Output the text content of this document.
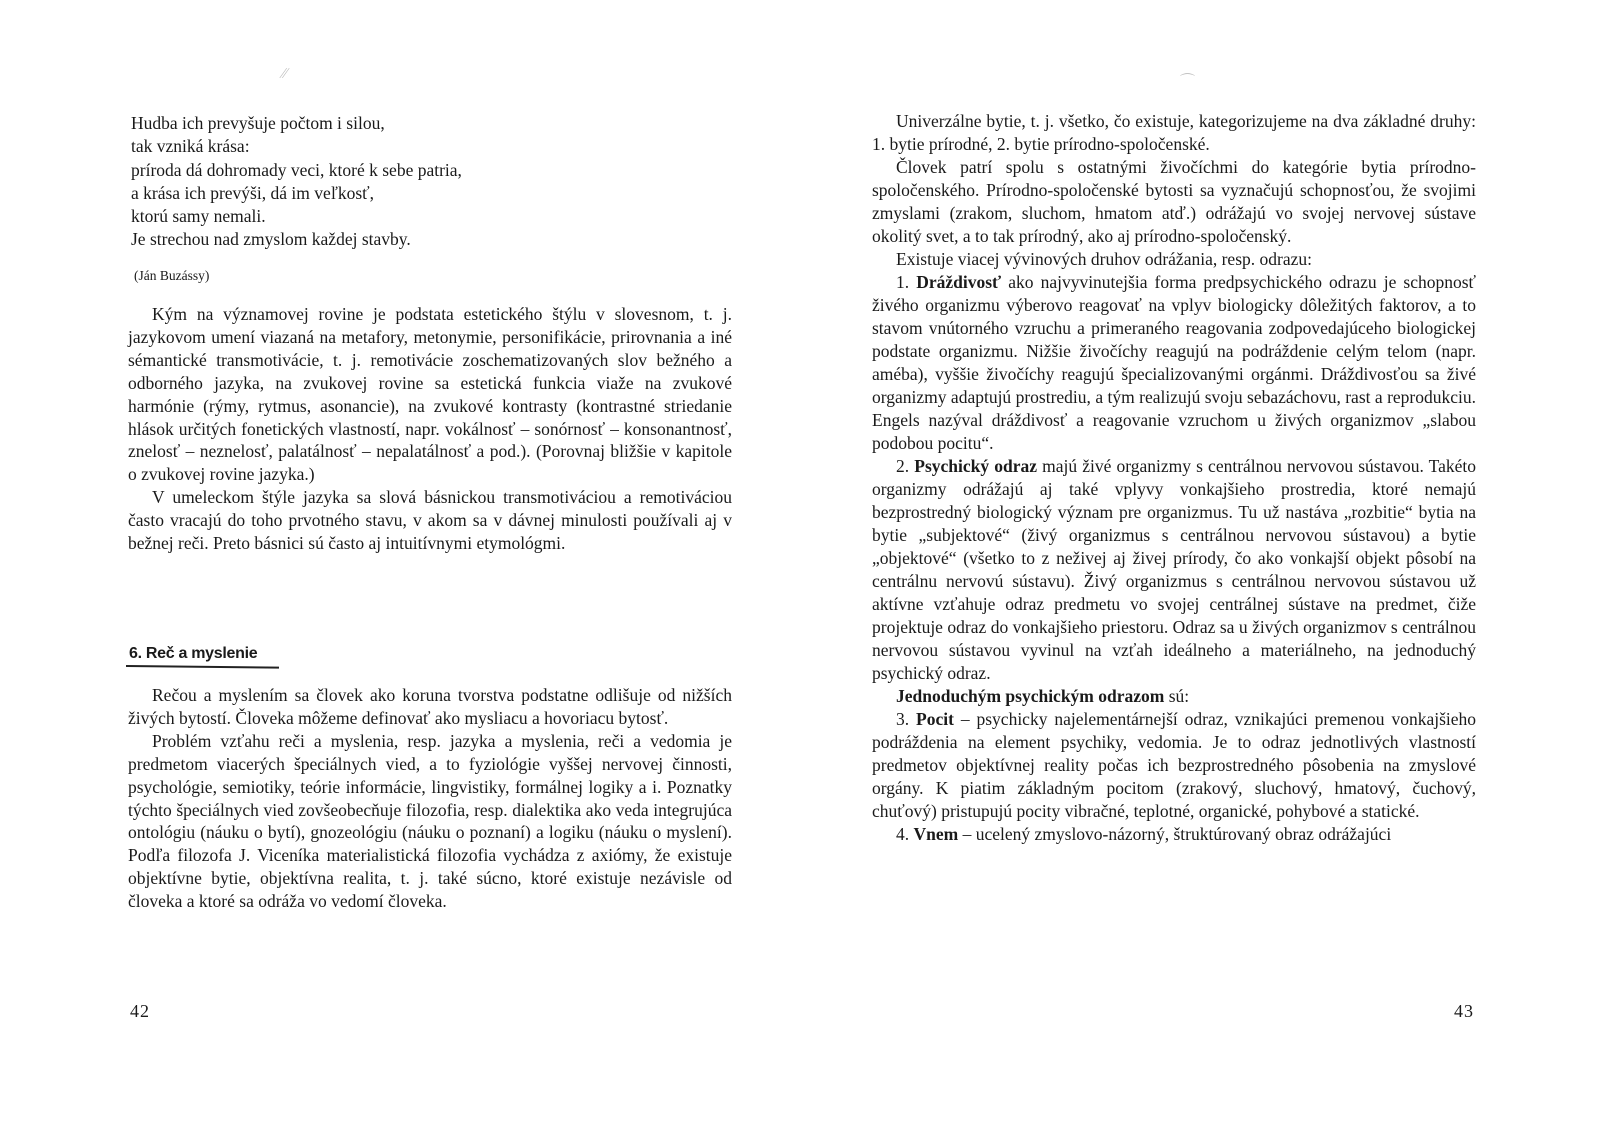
∕∕
Hudba ich prevyšuje počtom i silou,
tak vzniká krása:
príroda dá dohromady veci, ktoré k sebe patria,
a krása ich prevýši, dá im veľkosť,
ktorú samy nemali.
Je strechou nad zmyslom každej stavby.
(Ján Buzássy)

Kým na významovej rovine je podstata estetického štýlu v slovesnom, t. j. jazykovom umení viazaná na metafory, metonymie, personifikácie, prirovnania a iné sémantické transmotivácie, t. j. remotivácie zoschematizovaných slov bežného a odborného jazyka, na zvukovej rovine sa estetická funkcia viaže na zvukové harmónie (rýmy, rytmus, asonancie), na zvukové kontrasty (kontrastné striedanie hlások určitých fonetických vlastností, napr. vokálnosť – sonórnosť – konsonantnosť, znelosť – neznelosť, palatálnosť – nepalatálnosť a pod.). (Porovnaj bližšie v kapitole o zvukovej rovine jazyka.)

V umeleckom štýle jazyka sa slová básnickou transmotiváciou a remotiváciou často vracajú do toho prvotného stavu, v akom sa v dávnej minulosti používali aj v bežnej reči. Preto básnici sú často aj intuitívnymi etymológmi.

6. Reč a myslenie

Rečou a myslením sa človek ako koruna tvorstva podstatne odlišuje od nižších živých bytostí. Človeka môžeme definovať ako mysliacu a hovoriacu bytosť.

Problém vzťahu reči a myslenia, resp. jazyka a myslenia, reči a vedomia je predmetom viacerých špeciálnych vied, a to fyziológie vyššej nervovej činnosti, psychológie, semiotiky, teórie informácie, lingvistiky, formálnej logiky a i. Poznatky týchto špeciálnych vied zovšeobecňuje filozofia, resp. dialektika ako veda integrujúca ontológiu (náuku o bytí), gnozeológiu (náuku o poznaní) a logiku (náuku o myslení). Podľa filozofa J. Viceníka materialistická filozofia vychádza z axiómy, že existuje objektívne bytie, objektívna realita, t. j. také súcno, ktoré existuje nezávisle od človeka a ktoré sa odráža vo vedomí človeka.

42
⌒

Univerzálne bytie, t. j. všetko, čo existuje, kategorizujeme na dva základné druhy: 1. bytie prírodné, 2. bytie prírodno-spoločenské.

Človek patrí spolu s ostatnými živočíchmi do kategórie bytia prírodno-spoločenského. Prírodno-spoločenské bytosti sa vyznačujú schopnosťou, že svojimi zmyslami (zrakom, sluchom, hmatom atď.) odrážajú vo svojej nervovej sústave okolitý svet, a to tak prírodný, ako aj prírodno-spoločenský.

Existuje viacej vývinových druhov odrážania, resp. odrazu:

1. Dráždivosť ako najvyvinutejšia forma predpsychického odrazu je schopnosť živého organizmu výberovo reagovať na vplyv biologicky dôležitých faktorov, a to stavom vnútorného vzruchu a primeraného reagovania zodpovedajúceho biologickej podstate organizmu. Nižšie živočíchy reagujú na podráždenie celým telom (napr. améba), vyššie živočíchy reagujú špecializovanými orgánmi. Dráždivosťou sa živé organizmy adaptujú prostrediu, a tým realizujú svoju sebazáchovu, rast a reprodukciu. Engels nazýval dráždivosť a reagovanie vzruchom u živých organizmov „slabou podobou pocitu“.

2. Psychický odraz majú živé organizmy s centrálnou nervovou sústavou. Takéto organizmy odrážajú aj také vplyvy vonkajšieho prostredia, ktoré nemajú bezprostredný biologický význam pre organizmus. Tu už nastáva „rozbitie“ bytia na bytie „subjektové“ (živý organizmus s centrálnou nervovou sústavou) a bytie „objektové“ (všetko to z neživej aj živej prírody, čo ako vonkajší objekt pôsobí na centrálnu nervovú sústavu). Živý organizmus s centrálnou nervovou sústavou už aktívne vzťahuje odraz predmetu vo svojej centrálnej sústave na predmet, čiže projektuje odraz do vonkajšieho priestoru. Odraz sa u živých organizmov s centrálnou nervovou sústavou vyvinul na vzťah ideálneho a materiálneho, na jednoduchý psychický odraz.

Jednoduchým psychickým odrazom sú:

3. Pocit – psychicky najelementárnejší odraz, vznikajúci premenou vonkajšieho podráždenia na element psychiky, vedomia. Je to odraz jednotlivých vlastností predmetov objektívnej reality počas ich bezprostredného pôsobenia na zmyslové orgány. K piatim základným pocitom (zrakový, sluchový, hmatový, čuchový, chuťový) pristupujú pocity vibračné, teplotné, organické, pohybové a statické.

4. Vnem – ucelený zmyslovo-názorný, štruktúrovaný obraz odrážajúci

43
